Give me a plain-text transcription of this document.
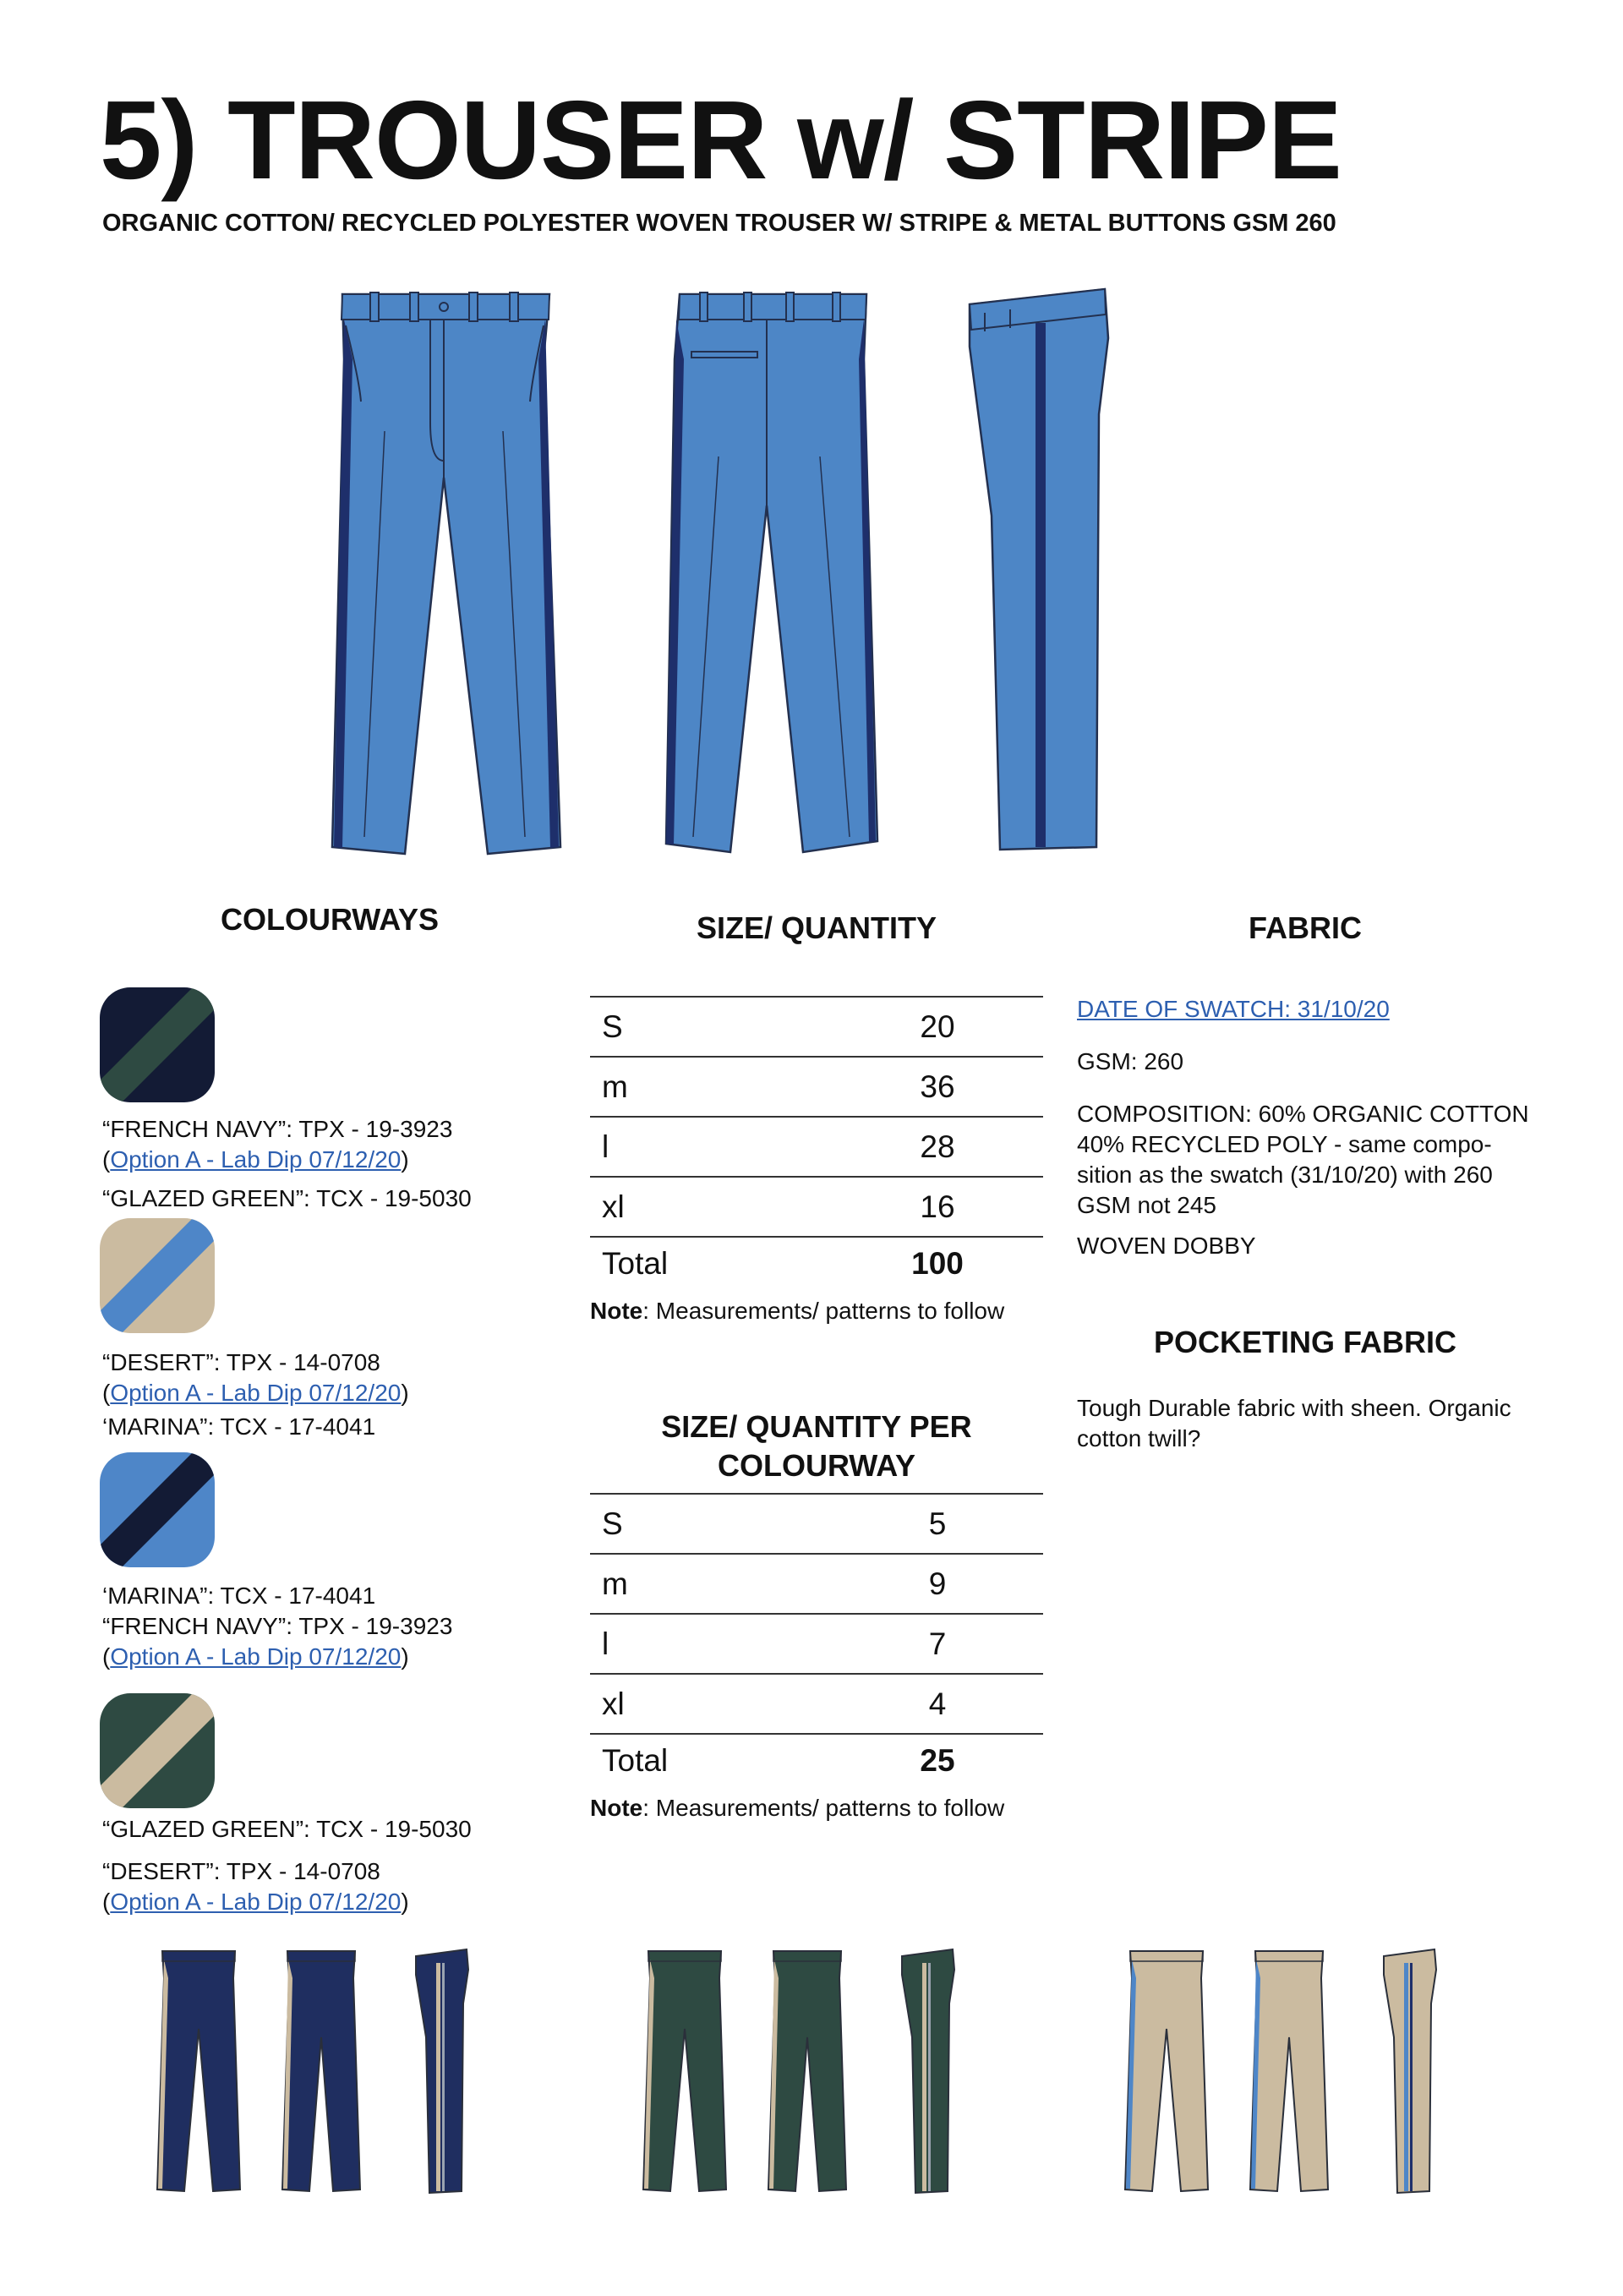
5) TROUSER w/ STRIPE
ORGANIC COTTON/ RECYCLED POLYESTER WOVEN TROUSER W/ STRIPE & METAL BUTTONS GSM 260
COLOURWAYS	SIZE/ QUANTITY
SIZE/ QUANTITY PER
COLOURWAY
FABRIC
POCKETING FABRIC
“FRENCH NAVY”: TPX - 19-3923
(Option A - Lab Dip 07/12/20)
“GLAZED GREEN”: TCX - 19-5030
“DESERT”: TPX - 14-0708
(Option A - Lab Dip 07/12/20)
‘MARINA”: TCX - 17-4041
‘MARINA”: TCX - 17-4041
“FRENCH NAVY”: TPX - 19-3923
(Option A - Lab Dip 07/12/20)
“GLAZED GREEN”: TCX - 19-5030
“DESERT”: TPX - 14-0708
(Option A - Lab Dip 07/12/20)
S	20
m	36
l	28
xl	16
Total	100
Note: Measurements/ patterns to follow
S	5
m	9
l	7
xl	4
Total	25
Note: Measurements/ patterns to follow
DATE OF SWATCH: 31/10/20
GSM: 260
COMPOSITION: 60% ORGANIC COTTON
40% RECYCLED POLY - same compo-
sition as the swatch (31/10/20) with 260
GSM not 245
WOVEN DOBBY
Tough Durable fabric with sheen. Organic
cotton twill?
